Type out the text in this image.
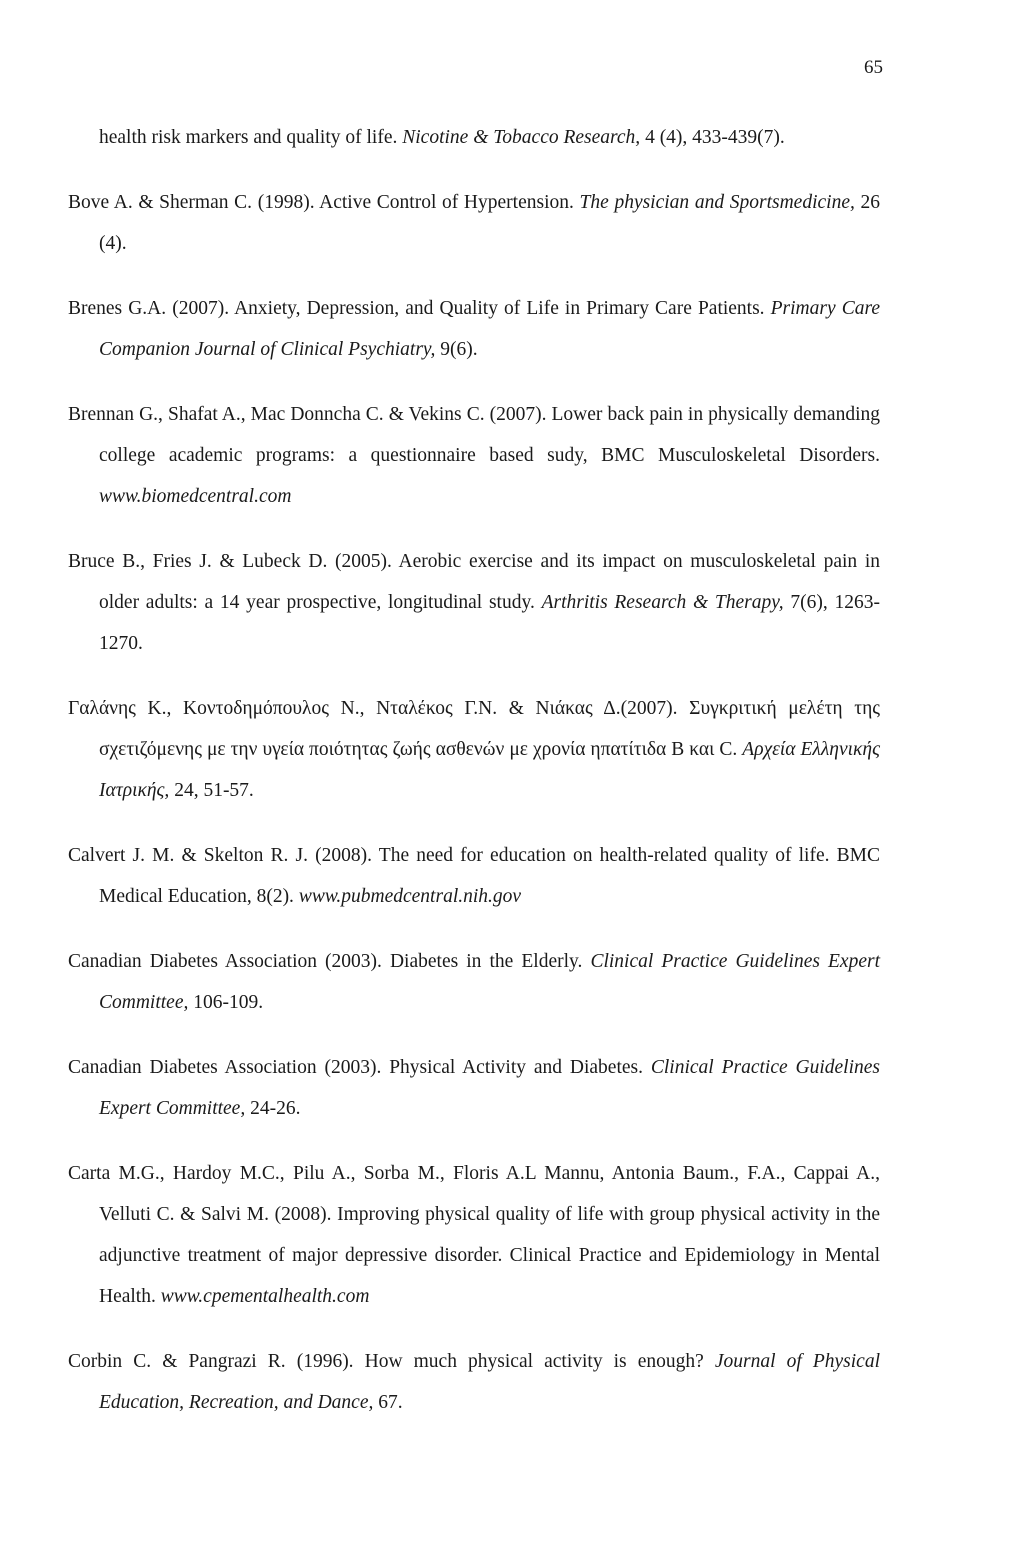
65

health risk markers and quality of life. Nicotine & Tobacco Research, 4 (4), 433-439(7).

Bove A. & Sherman C. (1998). Active Control of Hypertension. The physician and Sportsmedicine, 26 (4).

Brenes G.A. (2007). Anxiety, Depression, and Quality of Life in Primary Care Patients. Primary Care Companion Journal of Clinical Psychiatry, 9(6).

Brennan G., Shafat A., Mac Donncha C. & Vekins C. (2007). Lower back pain in physically demanding college academic programs: a questionnaire based sudy, BMC Musculoskeletal Disorders. www.biomedcentral.com

Bruce B., Fries J. & Lubeck D. (2005). Aerobic exercise and its impact on musculoskeletal pain in older adults: a 14 year prospective, longitudinal study. Arthritis Research & Therapy, 7(6), 1263-1270.

Γαλάνης Κ., Κοντοδημόπουλος Ν., Νταλέκος Γ.Ν. & Νιάκας Δ.(2007). Συγκριτική μελέτη της σχετιζόμενης με την υγεία ποιότητας ζωής ασθενών με χρονία ηπατίτιδα Β και C. Αρχεία Ελληνικής Ιατρικής, 24, 51-57.

Calvert J. M. & Skelton R. J. (2008). The need for education on health-related quality of life. BMC Medical Education, 8(2). www.pubmedcentral.nih.gov

Canadian Diabetes Association (2003). Diabetes in the Elderly. Clinical Practice Guidelines Expert Committee, 106-109.

Canadian Diabetes Association (2003). Physical Activity and Diabetes. Clinical Practice Guidelines Expert Committee, 24-26.

Carta M.G., Hardoy M.C., Pilu A., Sorba M., Floris A.L Mannu, Antonia Baum., F.A., Cappai A., Velluti C. & Salvi M. (2008). Improving physical quality of life with group physical activity in the adjunctive treatment of major depressive disorder. Clinical Practice and Epidemiology in Mental Health. www.cpementalhealth.com

Corbin C. & Pangrazi R. (1996). How much physical activity is enough? Journal of Physical Education, Recreation, and Dance, 67.
